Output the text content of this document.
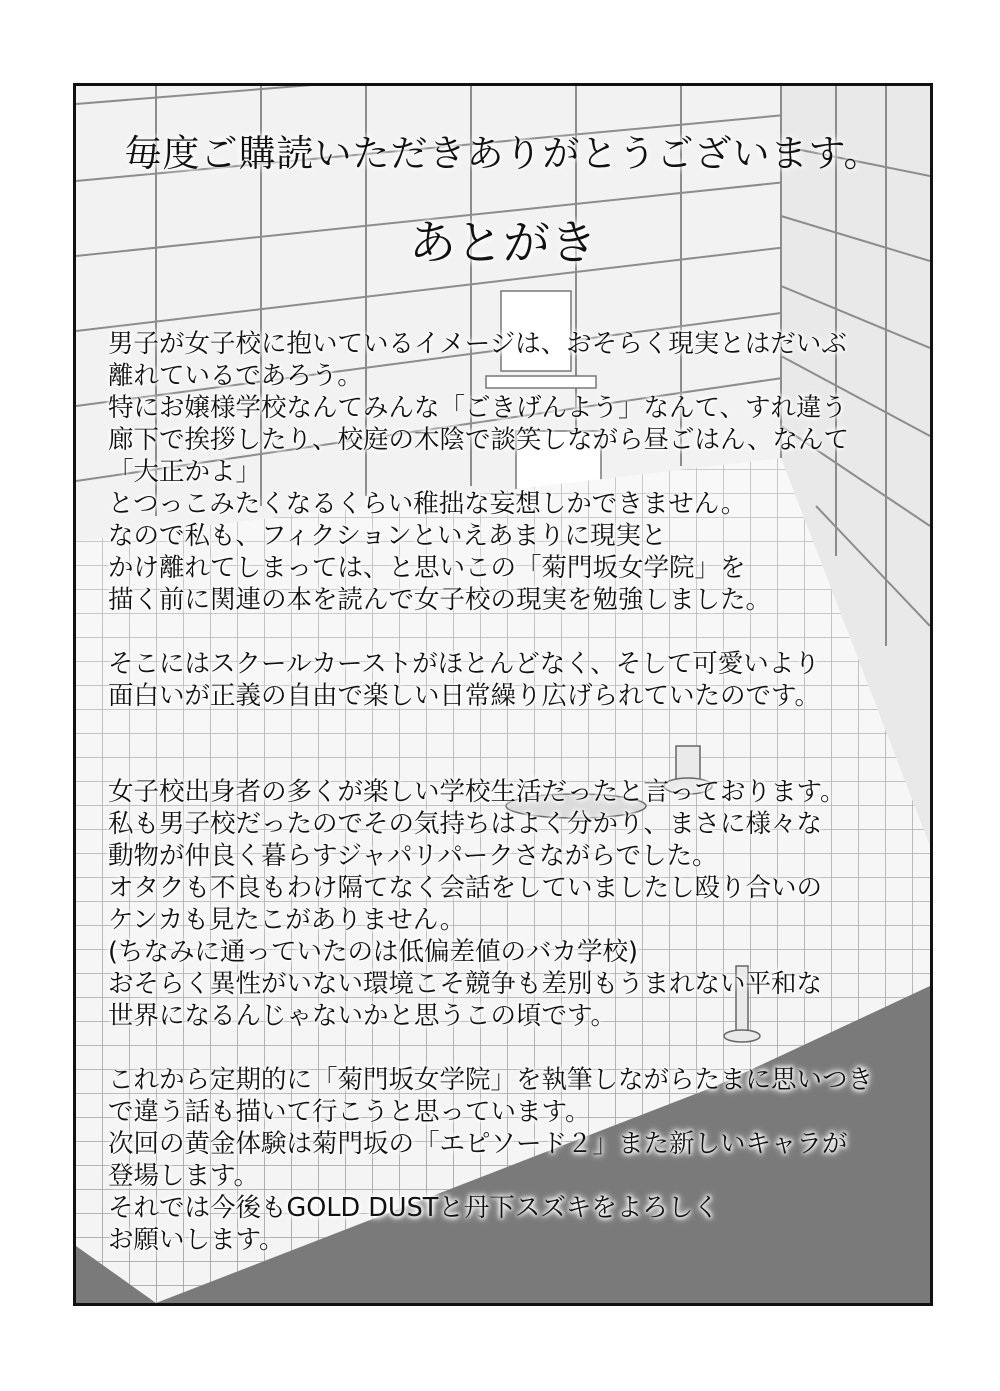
毎度ご購読いただきありがとうございます。
あとがき
男子が女子校に抱いているイメージは、おそらく現実とはだいぶ
離れているであろう。
特にお嬢様学校なんてみんな「ごきげんよう」なんて、すれ違う
廊下で挨拶したり、校庭の木陰で談笑しながら昼ごはん、なんて
「大正かよ」
とつっこみたくなるくらい稚拙な妄想しかできません。
なので私も、フィクションといえあまりに現実と
かけ離れてしまっては、と思いこの「菊門坂女学院」を
描く前に関連の本を読んで女子校の現実を勉強しました。
そこにはスクールカーストがほとんどなく、そして可愛いより
面白いが正義の自由で楽しい日常繰り広げられていたのです。
女子校出身者の多くが楽しい学校生活だったと言っております。
私も男子校だったのでその気持ちはよく分かり、まさに様々な
動物が仲良く暮らすジャパリパークさながらでした。
オタクも不良もわけ隔てなく会話をしていましたし殴り合いの
ケンカも見たこがありません。
(ちなみに通っていたのは低偏差値のバカ学校)
おそらく異性がいない環境こそ競争も差別もうまれない平和な
世界になるんじゃないかと思うこの頃です。
これから定期的に「菊門坂女学院」を執筆しながらたまに思いつき
で違う話も描いて行こうと思っています。
次回の黄金体験は菊門坂の「エピソード２」また新しいキャラが
登場します。
それでは今後もGOLD DUSTと丹下スズキをよろしく
お願いします。
